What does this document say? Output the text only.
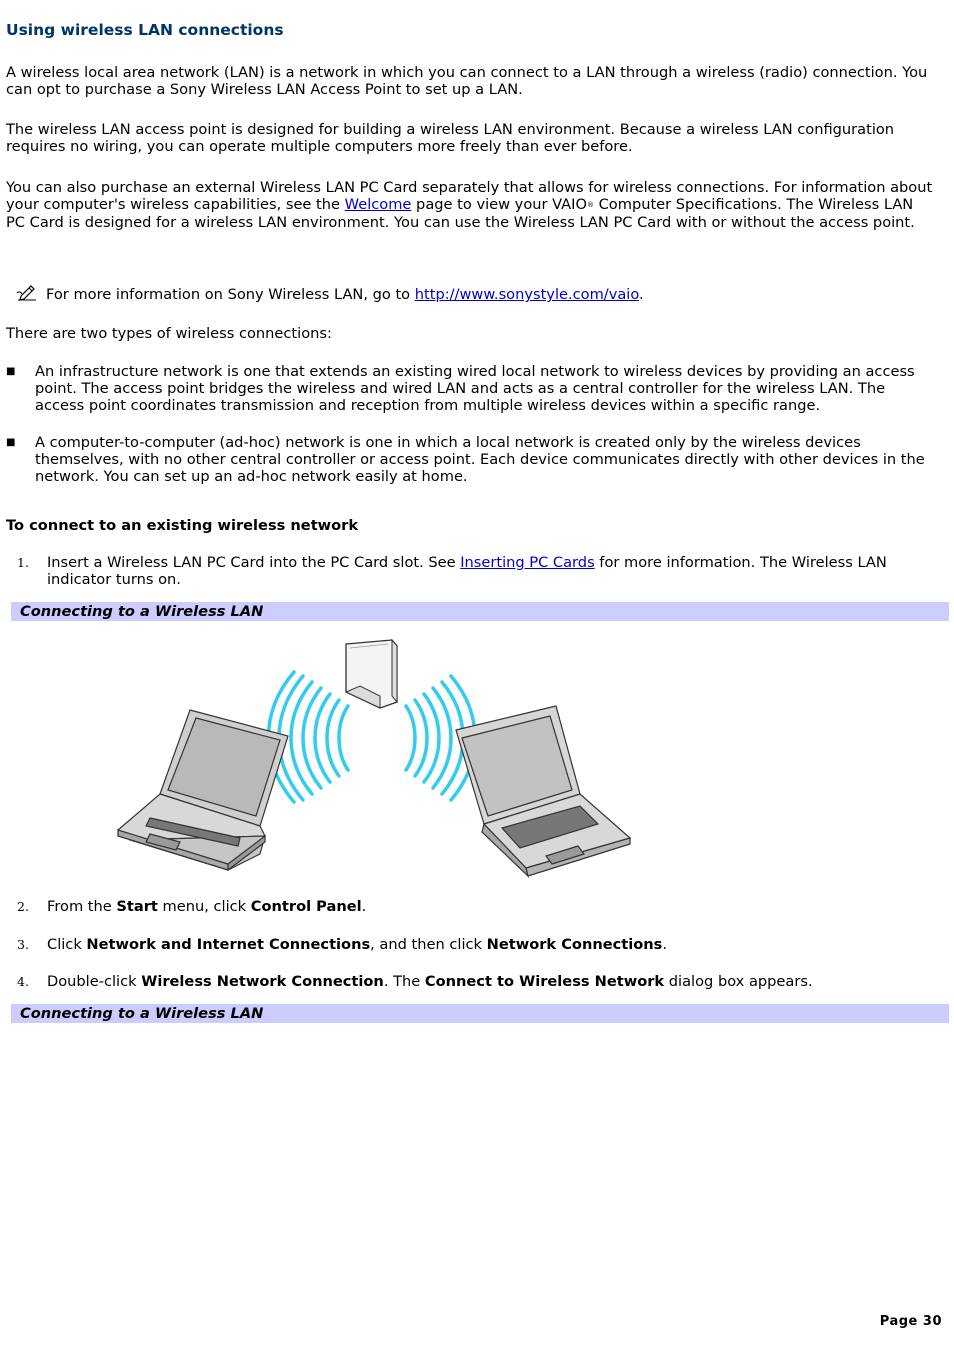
Using wireless LAN connections
A wireless local area network (LAN) is a network in which you can connect to a LAN through a wireless (radio) connection. You can opt to purchase a Sony Wireless LAN Access Point to set up a LAN.
The wireless LAN access point is designed for building a wireless LAN environment. Because a wireless LAN configuration requires no wiring, you can operate multiple computers more freely than ever before.
You can also purchase an external Wireless LAN PC Card separately that allows for wireless connections. For information about your computer's wireless capabilities, see the Welcome page to view your VAIO® Computer Specifications. The Wireless LAN PC Card is designed for a wireless LAN environment. You can use the Wireless LAN PC Card with or without the access point.
For more information on Sony Wireless LAN, go to http://www.sonystyle.com/vaio.
There are two types of wireless connections:
■ An infrastructure network is one that extends an existing wired local network to wireless devices by providing an access point. The access point bridges the wireless and wired LAN and acts as a central controller for the wireless LAN. The access point coordinates transmission and reception from multiple wireless devices within a specific range.
■ A computer-to-computer (ad-hoc) network is one in which a local network is created only by the wireless devices themselves, with no other central controller or access point. Each device communicates directly with other devices in the network. You can set up an ad-hoc network easily at home.
To connect to an existing wireless network
1. Insert a Wireless LAN PC Card into the PC Card slot. See Inserting PC Cards for more information. The Wireless LAN indicator turns on.
Connecting to a Wireless LAN
2. From the Start menu, click Control Panel.
3. Click Network and Internet Connections, and then click Network Connections.
4. Double-click Wireless Network Connection. The Connect to Wireless Network dialog box appears.
Connecting to a Wireless LAN
Page 30
